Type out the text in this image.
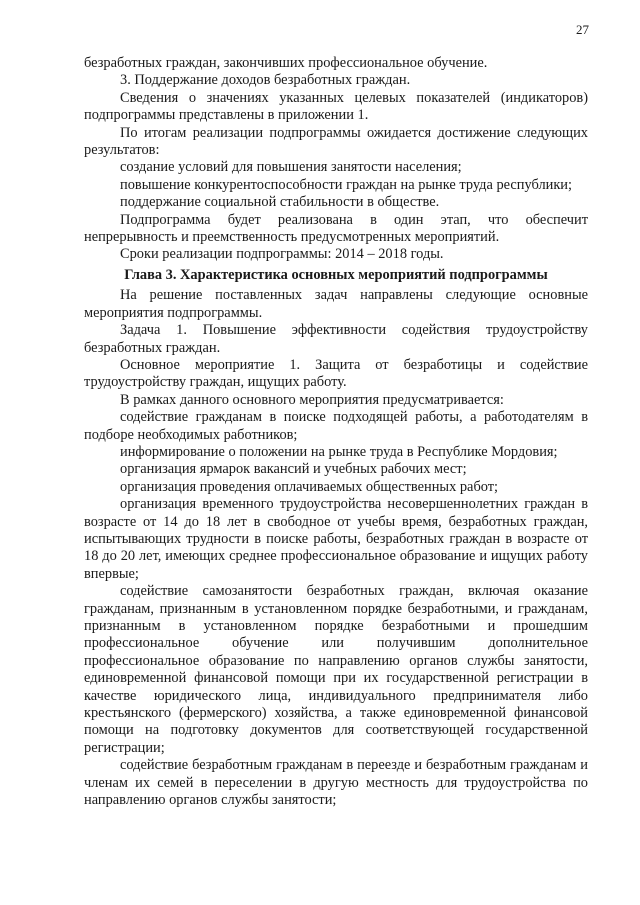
27

безработных граждан, закончивших профессиональное обучение.

3. Поддержание доходов безработных граждан.

Сведения о значениях указанных целевых показателей (индикаторов) подпрограммы представлены в приложении 1.

По итогам реализации подпрограммы ожидается достижение следующих результатов:

создание условий для повышения занятости населения;

повышение конкурентоспособности граждан на рынке труда республики;

поддержание социальной стабильности в обществе.

Подпрограмма будет реализована в один этап, что обеспечит непрерывность и преемственность предусмотренных мероприятий.

Сроки реализации подпрограммы: 2014 – 2018 годы.

Глава 3. Характеристика основных мероприятий подпрограммы

На решение поставленных задач направлены следующие основные мероприятия подпрограммы.

Задача 1. Повышение эффективности содействия трудоустройству безработных граждан.

Основное мероприятие 1. Защита от безработицы и содействие трудоустройству граждан, ищущих работу.

В рамках данного основного мероприятия предусматривается:

содействие гражданам в поиске подходящей работы, а работодателям в подборе необходимых работников;

информирование о положении на рынке труда в Республике Мордовия;

организация ярмарок вакансий и учебных рабочих мест;

организация проведения оплачиваемых общественных работ;

организация временного трудоустройства несовершеннолетних граждан в возрасте от 14 до 18 лет в свободное от учебы время, безработных граждан, испытывающих трудности в поиске работы, безработных граждан в возрасте от 18 до 20 лет, имеющих среднее профессиональное образование и ищущих работу впервые;

содействие самозанятости безработных граждан, включая оказание гражданам, признанным в установленном порядке безработными, и гражданам, признанным в установленном порядке безработными и прошедшим профессиональное обучение или получившим дополнительное профессиональное образование по направлению органов службы занятости, единовременной финансовой помощи при их государственной регистрации в качестве юридического лица, индивидуального предпринимателя либо крестьянского (фермерского) хозяйства, а также единовременной финансовой помощи на подготовку документов для соответствующей государственной регистрации;

содействие безработным гражданам в переезде и безработным гражданам и членам их семей в переселении в другую местность для трудоустройства по направлению органов службы занятости;
